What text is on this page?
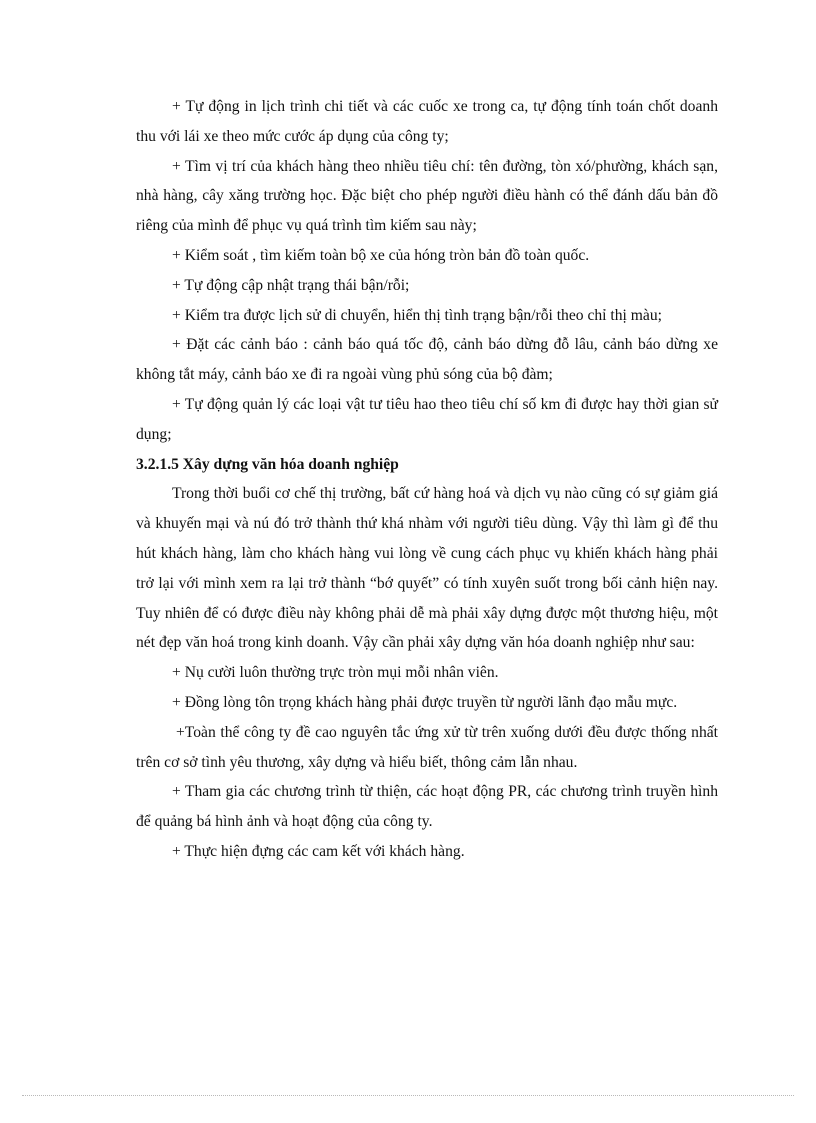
+ Tự động in lịch trình chi tiết và các cuốc xe trong ca, tự động tính toán chốt doanh thu với lái xe theo mức cước áp dụng của công ty;

+ Tìm vị trí của khách hàng theo nhiều tiêu chí: tên đường, tòn xó/phường, khách sạn, nhà hàng, cây xăng trường học. Đặc biệt cho phép người điều hành có thể đánh dấu bản đồ riêng của mình để phục vụ quá trình tìm kiếm sau này;

+ Kiểm soát , tìm kiếm toàn bộ xe của hóng tròn bản đồ toàn quốc.

+ Tự động cập nhật trạng thái bận/rỗi;

+ Kiểm tra được lịch sử di chuyển, hiển thị tình trạng bận/rỗi theo chỉ thị màu;

+ Đặt các cảnh báo : cảnh báo quá tốc độ, cảnh báo dừng đỗ lâu, cảnh báo dừng xe không tắt máy, cảnh báo xe đi ra ngoài vùng phủ sóng của bộ đàm;

+ Tự động quản lý các loại vật tư tiêu hao theo tiêu chí số km đi được hay thời gian sử dụng;

3.2.1.5 Xây dựng văn hóa doanh nghiệp

Trong thời buổi cơ chế thị trường, bất cứ hàng hoá và dịch vụ nào cũng có sự giảm giá và khuyến mại và nú đó trở thành thứ khá nhàm với người tiêu dùng. Vậy thì làm gì để thu hút khách hàng, làm cho khách hàng vui lòng về cung cách phục vụ khiến khách hàng phải trở lại với mình xem ra lại trở thành “bớ quyết” có tính xuyên suốt trong bối cảnh hiện nay. Tuy nhiên để có được điều này không phải dễ mà phải xây dựng được một thương hiệu, một nét đẹp văn hoá trong kinh doanh. Vậy cần phải xây dựng văn hóa doanh nghiệp như sau:

+ Nụ cười luôn thường trực tròn mụi mỗi nhân viên.

+ Đồng lòng tôn trọng khách hàng phải được truyền từ người lãnh đạo mẫu mực.

+Toàn thể công ty đề cao nguyên tắc ứng xử từ trên xuống dưới đều được thống nhất trên cơ sở tình yêu thương, xây dựng và hiểu biết, thông cảm lẫn nhau.

+ Tham gia các chương trình từ thiện, các hoạt động PR, các chương trình truyền hình để quảng bá hình ảnh và hoạt động của công ty.

+ Thực hiện đựng các cam kết với khách hàng.
